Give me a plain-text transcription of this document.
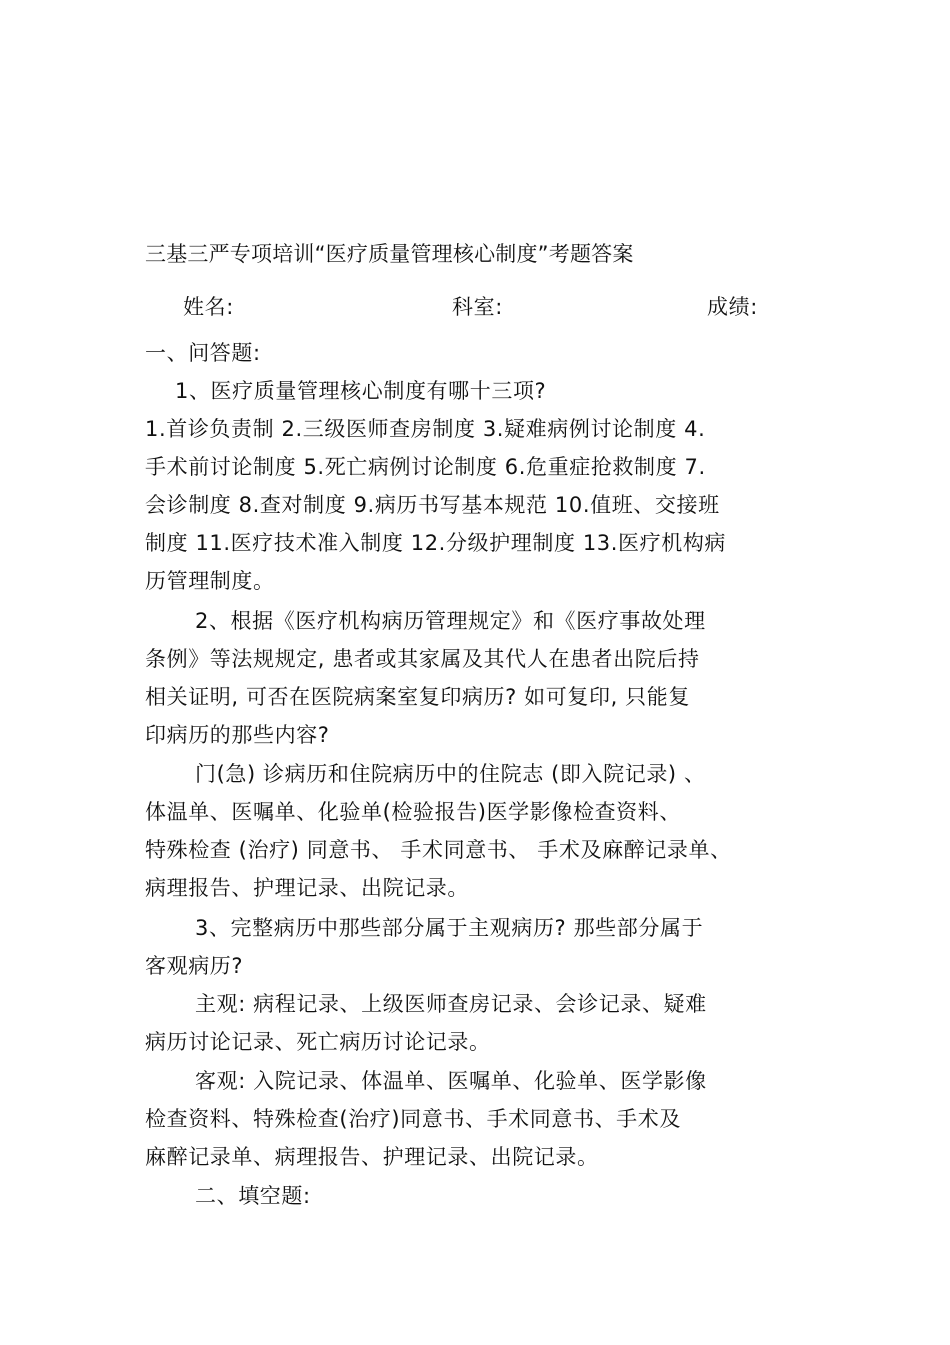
三基三严专项培训“医疗质量管理核心制度”考题答案
姓名:	科室:	成绩:
一、问答题:
1、医疗质量管理核心制度有哪十三项?
1.首诊负责制 2.三级医师查房制度 3.疑难病例讨论制度 4.
手术前讨论制度 5.死亡病例讨论制度 6.危重症抢救制度 7.
会诊制度 8.查对制度 9.病历书写基本规范 10.值班、交接班
制度 11.医疗技术准入制度 12.分级护理制度 13.医疗机构病
历管理制度。
2、根据《医疗机构病历管理规定》和《医疗事故处理
条例》等法规规定, 患者或其家属及其代人在患者出院后持
相关证明, 可否在医院病案室复印病历? 如可复印, 只能复
印病历的那些内容?
门(急) 诊病历和住院病历中的住院志 (即入院记录) 、
体温单、医嘱单、化验单(检验报告)医学影像检查资料、
特殊检查 (治疗) 同意书、 手术同意书、 手术及麻醉记录单、
病理报告、护理记录、出院记录。
3、完整病历中那些部分属于主观病历? 那些部分属于
客观病历?
主观: 病程记录、上级医师查房记录、会诊记录、疑难
病历讨论记录、死亡病历讨论记录。
客观: 入院记录、体温单、医嘱单、化验单、医学影像
检查资料、特殊检查(治疗)同意书、手术同意书、手术及
麻醉记录单、病理报告、护理记录、出院记录。
二、填空题:
